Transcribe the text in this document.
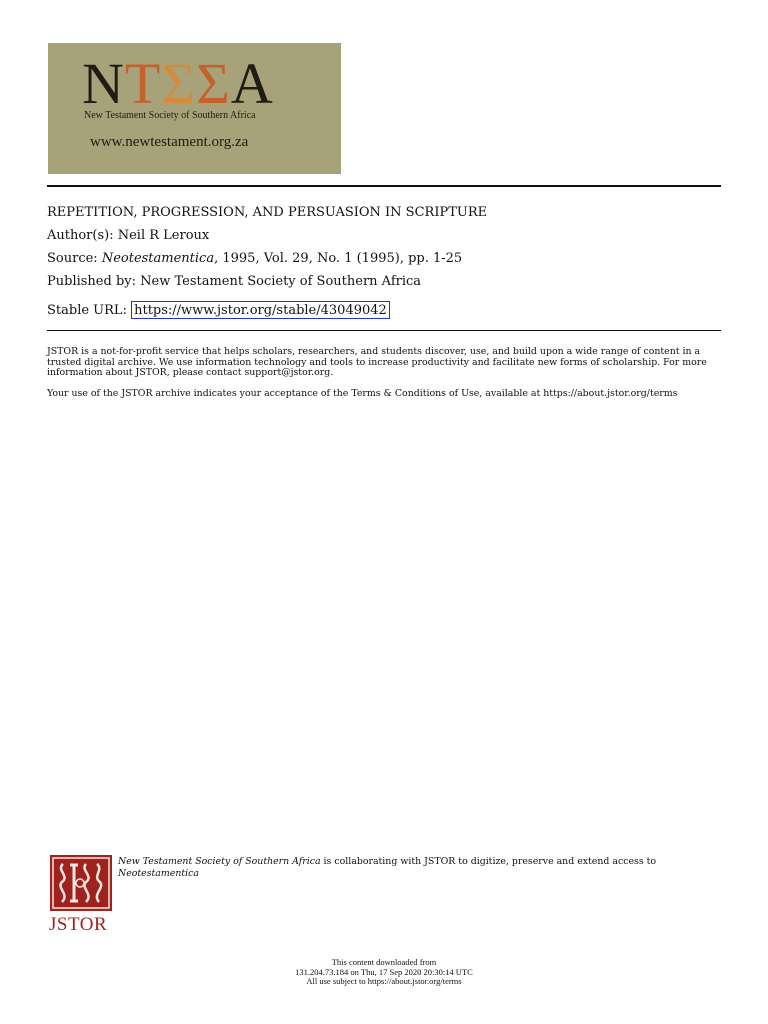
NTΣΣA
New Testament Society of Southern Africa
www.newtestament.org.za
REPETITION, PROGRESSION, AND PERSUASION IN SCRIPTURE
Author(s): Neil R Leroux
Source: Neotestamentica, 1995, Vol. 29, No. 1 (1995), pp. 1-25
Published by: New Testament Society of Southern Africa
Stable URL: https://www.jstor.org/stable/43049042
JSTOR is a not-for-profit service that helps scholars, researchers, and students discover, use, and build upon a wide range of content in a trusted digital archive. We use information technology and tools to increase productivity and facilitate new forms of scholarship. For more information about JSTOR, please contact support@jstor.org.
Your use of the JSTOR archive indicates your acceptance of the Terms & Conditions of Use, available at https://about.jstor.org/terms
JSTOR
New Testament Society of Southern Africa is collaborating with JSTOR to digitize, preserve and extend access to Neotestamentica
This content downloaded from
131.204.73.184 on Thu, 17 Sep 2020 20:30:14 UTC
All use subject to https://about.jstor.org/terms
